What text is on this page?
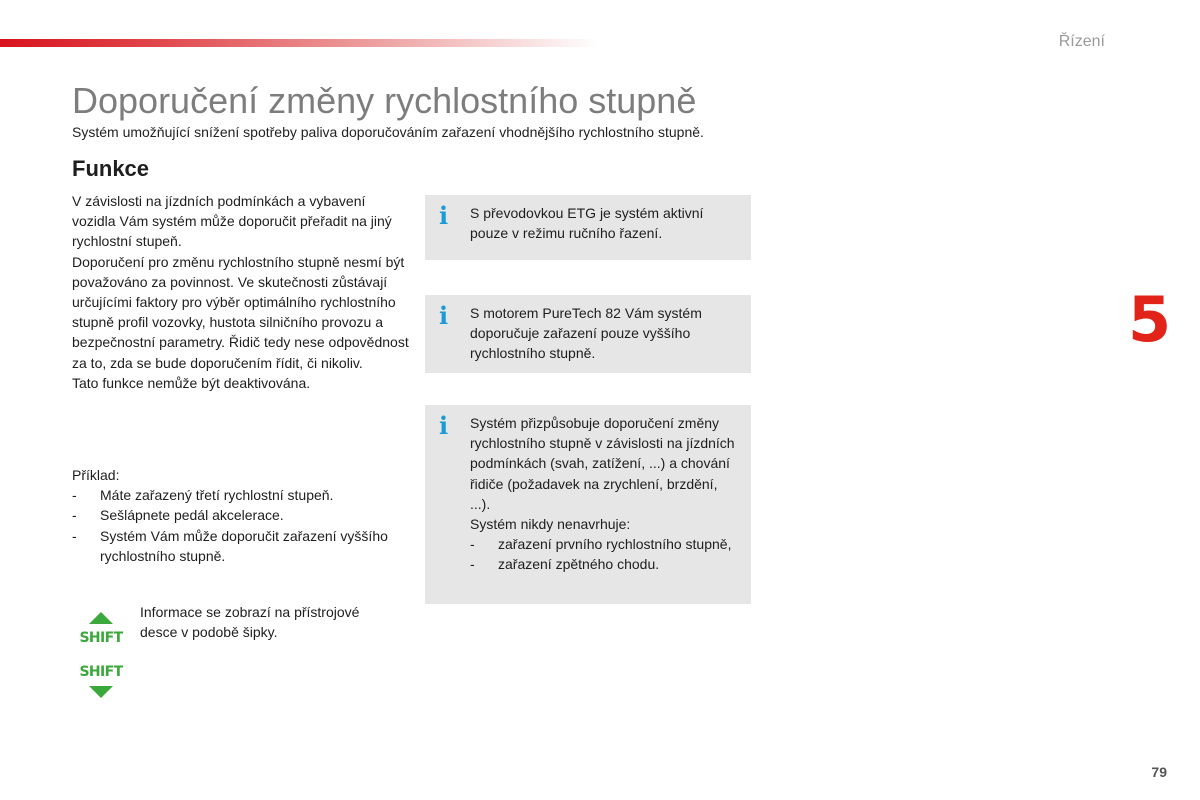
Řízení
Doporučení změny rychlostního stupně
Systém umožňující snížení spotřeby paliva doporučováním zařazení vhodnějšího rychlostního stupně.
Funkce

V závislosti na jízdních podmínkách a vybavení vozidla Vám systém může doporučit přeřadit na jiný rychlostní stupeň.

Doporučení pro změnu rychlostního stupně nesmí být považováno za povinnost. Ve skutečnosti zůstávají určujícími faktory pro výběr optimálního rychlostního stupně profil vozovky, hustota silničního provozu a bezpečnostní parametry. Řidič tedy nese odpovědnost za to, zda se bude doporučením řídit, či nikoliv.

Tato funkce nemůže být deaktivována.

Příklad:

- Máte zařazený třetí rychlostní stupeň.
- Sešlápnete pedál akcelerace.
- Systém Vám může doporučit zařazení vyššího rychlostního stupně.
SHIFT
SHIFT
Informace se zobrazí na přístrojové desce v podobě šipky.
i S převodovkou ETG je systém aktivní pouze v režimu ručního řazení.

i S motorem PureTech 82 Vám systém doporučuje zařazení pouze vyššího rychlostního stupně.

i Systém přizpůsobuje doporučení změny rychlostního stupně v závislosti na jízdních podmínkách (svah, zatížení, ...) a chování řidiče (požadavek na zrychlení, brzdění, ...).

Systém nikdy nenavrhuje:

- zařazení prvního rychlostního stupně,
- zařazení zpětného chodu.
5
79
